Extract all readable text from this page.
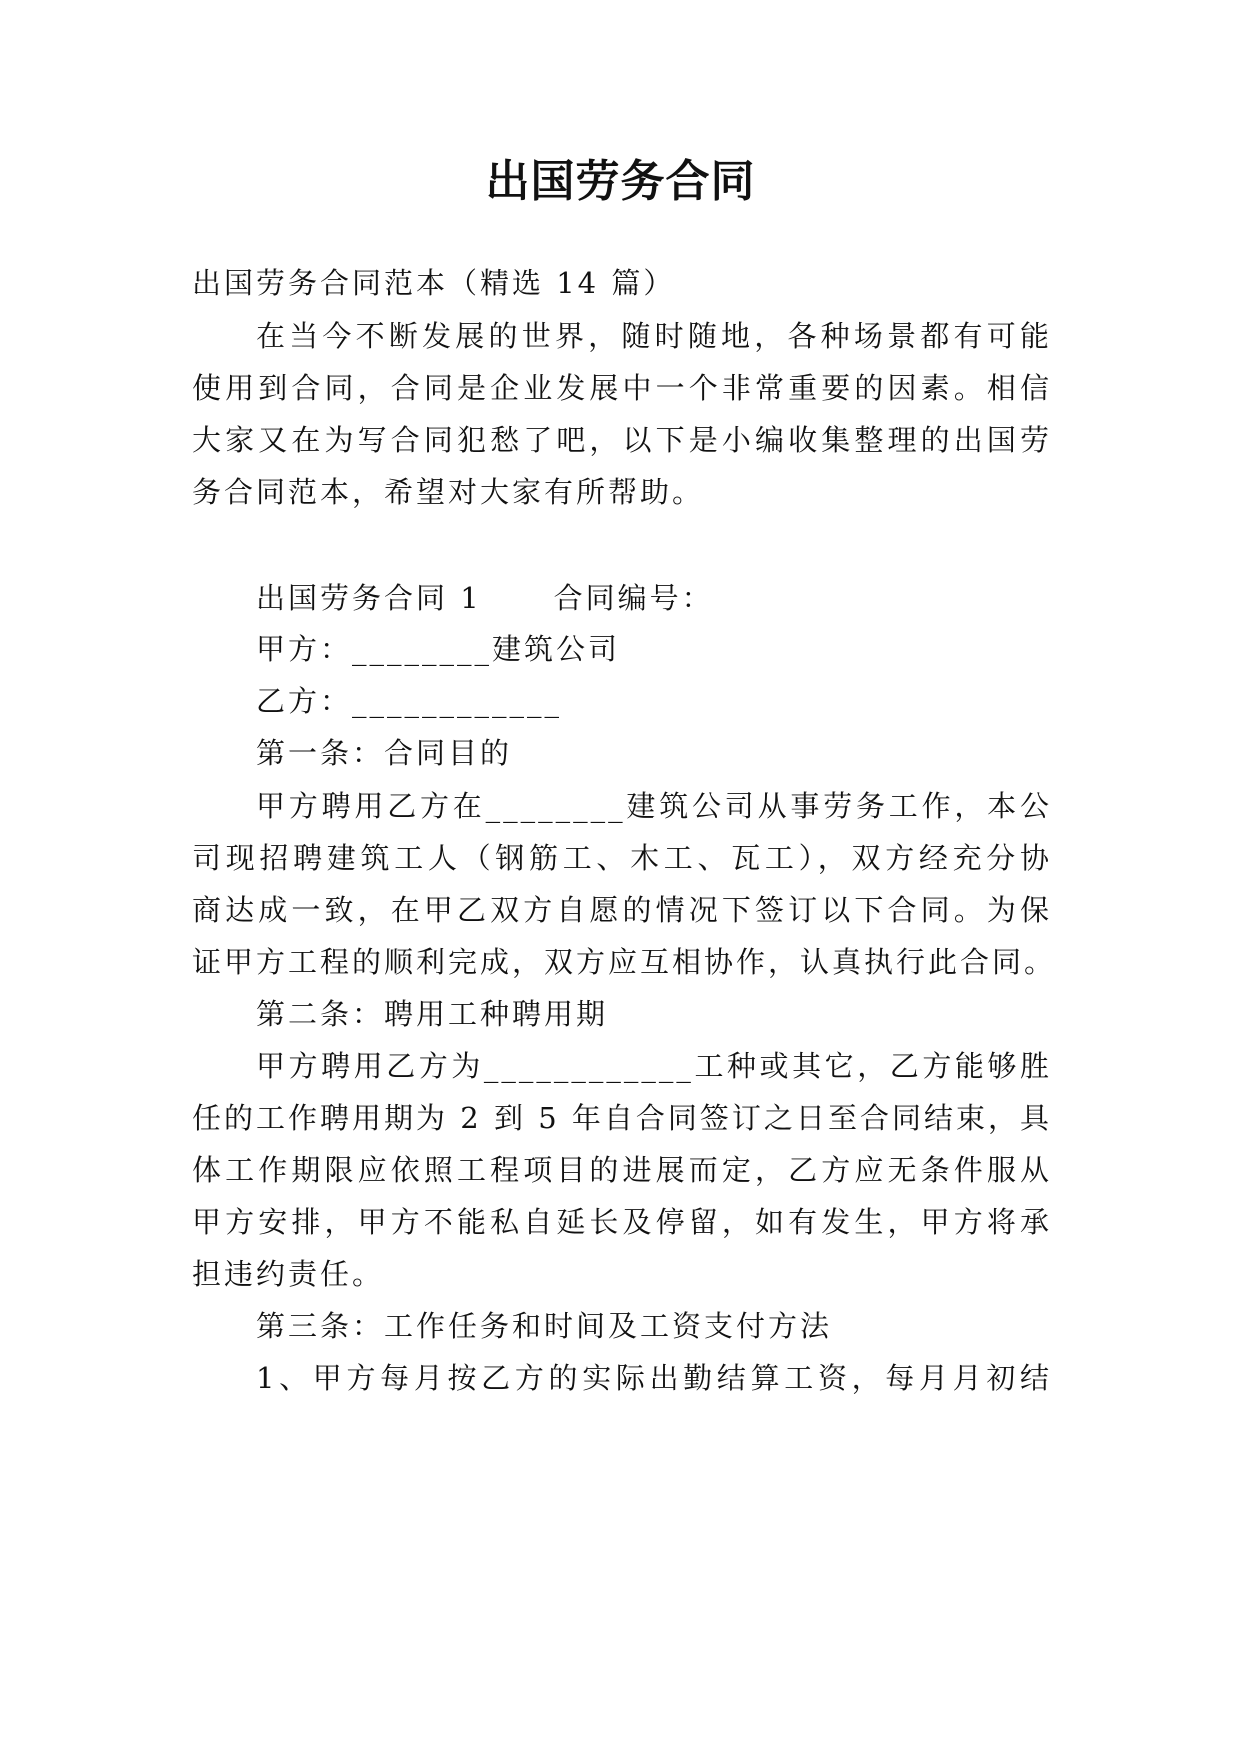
出国劳务合同
出国劳务合同范本（精选 14 篇）
在当今不断发展的世界，随时随地，各种场景都有可能
使用到合同，合同是企业发展中一个非常重要的因素。相信
大家又在为写合同犯愁了吧，以下是小编收集整理的出国劳
务合同范本，希望对大家有所帮助。
出国劳务合同 1 合同编号：
甲方：________建筑公司
乙方：____________
第一条：合同目的
甲方聘用乙方在________建筑公司从事劳务工作，本公
司现招聘建筑工人（钢筋工、木工、瓦工），双方经充分协
商达成一致，在甲乙双方自愿的情况下签订以下合同。为保
证甲方工程的顺利完成，双方应互相协作，认真执行此合同。
第二条：聘用工种聘用期
甲方聘用乙方为____________工种或其它，乙方能够胜
任的工作聘用期为 2 到 5 年自合同签订之日至合同结束，具
体工作期限应依照工程项目的进展而定，乙方应无条件服从
甲方安排，甲方不能私自延长及停留，如有发生，甲方将承
担违约责任。
第三条：工作任务和时间及工资支付方法
1、甲方每月按乙方的实际出勤结算工资，每月月初结
